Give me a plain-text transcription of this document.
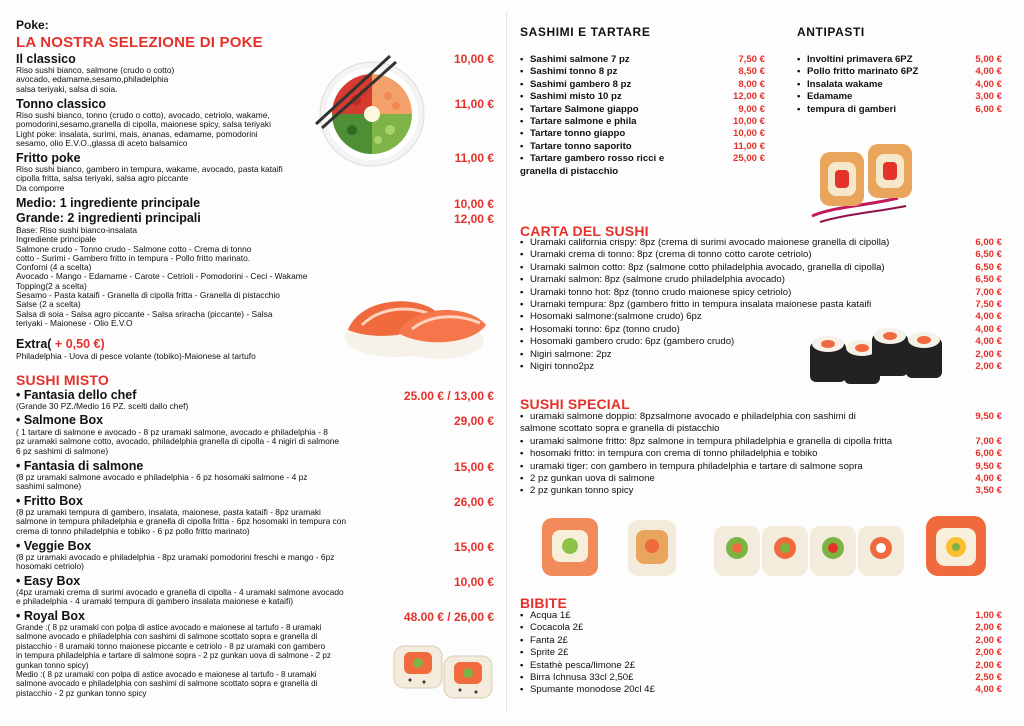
Poke:
LA NOSTRA SELEZIONE DI POKE
Il classico	10,00 €
Riso sushi bianco, salmone (crudo o cotto)
avocado, edamame,sesamo,philadelphia
salsa teriyaki, salsa di soia.
Tonno classico	11,00 €
Riso sushi bianco, tonno (crudo o cotto), avocado, cetriolo, wakame,
pomodorini,sesamo,granella di cipolla, maionese spicy, salsa teriyaki
Light poke: insalata, surimi, mais, ananas, edamame, pomodorini
sesamo, olio E.V.O.,glassa di aceto balsamico
Fritto poke	11,00 €
Riso sushi bianco, gambero in tempura, wakame, avocado, pasta kataifi
cipolla fritta, salsa teriyaki, salsa agro piccante
Da comporre
Medio: 1 ingrediente principale	10,00 €
Grande: 2 ingredienti principali	12,00 €
Base: Riso sushi bianco-insalata
Ingrediente principale
Salmone crudo - Tonno crudo - Salmone cotto - Crema di tonno
cotto - Surimi - Gambero fritto in tempura - Pollo fritto marinato.
Conforni (4 a scelta)
Avocado - Mango - Edamame - Carote - Cetrioli - Pomodorini - Ceci - Wakame
Topping(2 a scelta)
Sesamo - Pasta kataifi - Granella di cipolla fritta - Granella di pistacchio
Salse (2 a scelta)
Salsa di soia - Salsa agro piccante - Salsa sriracha (piccante) - Salsa
teriyaki - Maionese - Olio E.V.O
Extra( + 0,50 €)
Philadelphia - Uova di pesce volante (tobiko)-Maionese al tartufo
SUSHI MISTO
• Fantasia dello chef	25.00 € / 13,00 €
(Grande 30 PZ./Medio 16 PZ. scelti dallo chef)
• Salmone Box	29,00 €
( 1 tartare di salmone e avocado - 8 pz uramaki salmone, avocado e philadelphia - 8
pz uramaki salmone cotto, avocado, philadelphia granella di cipolla - 4 nigiri di salmone
6 pz sashimi di salmone)
• Fantasia di salmone	15,00 €
(8 pz uramaki salmone avocado e philadelphia - 6 pz hosomaki salmone - 4 pz
sashimi salmone)
• Fritto Box	26,00 €
(8 pz uramaki tempura di gambero, insalata, maionese, pasta kataifi - 8pz uramaki
salmone in tempura philadelphia e granella di cipolla fritta - 6pz hosomaki in tempura con
crema di tonno philadelphia e tobiko - 6 pz pollo fritto marinato)
• Veggie Box	15,00 €
(8 pz uramaki avocado e philadelphia - 8pz uramaki pomodorini freschi e mango - 6pz
hosomaki cetriolo)
• Easy Box	10,00 €
(4pz uramaki crema di surimi avocado e granella di cipolla - 4 uramaki salmone avocado
e philadelphia - 4 uramaki tempura di gambero insalata maionese e kataifi)
• Royal Box	48.00 € / 26,00 €
Grande :( 8 pz uramaki con polpa di astice avocado e maionese al tartufo - 8 uramaki
salmone avocado e philadelphia con sashimi di salmone scottato sopra e granella di
pistacchio - 8 uramaki tonno maionese piccante e cetriolo - 8 pz uramaki con gambero
in tempura philadelphia e tartare di salmone sopra - 2 pz gunkan uova di salmone - 2 pz
gunkan tonno spicy)
Medio :( 8 pz uramaki con polpa di astice avocado e maionese al tartufo - 8 uramaki
salmone avocado e philadelphia con sashimi di salmone scottato sopra e granella di
pistacchio - 2 pz gunkan tonno spicy
SASHIMI E TARTARE
• Sashimi salmone 7 pz	7,50 €
• Sashimi tonno 8 pz	8,50 €
• Sashimi gambero 8 pz	8,00 €
• Sashimi misto 10 pz	12,00 €
• Tartare Salmone giappo	9,00 €
• Tartare salmone e phila	10,00 €
• Tartare tonno giappo	10,00 €
• Tartare tonno saporito	11,00 €
• Tartare gambero rosso ricci e	25,00 €
granella di pistacchio
ANTIPASTI
• Involtini primavera 6PZ	5,00 €
• Pollo fritto marinato 6PZ	4,00 €
• Insalata wakame	4,00 €
• Edamame	3,00 €
• tempura di gamberi	6,00 €
CARTA DEL SUSHI
• Uramaki california crispy: 8pz (crema di surimi avocado maionese granella di cipolla)	6,00 €
• Uramaki crema di tonno: 8pz (crema di tonno cotto carote cetriolo)	6,50 €
• Uramaki salmon cotto: 8pz (salmone cotto philadelphia avocado, granella di cipolla)	6,50 €
• Uramaki salmon: 8pz (salmone crudo philadelphia avocado)	6,50 €
• Uramaki tonno hot: 8pz (tonno crudo maionese spicy cetriolo)	7,00 €
• Uramaki tempura: 8pz (gambero fritto in tempura insalata maionese pasta kataifi	7,50 €
• Hosomaki salmone:(salmone crudo) 6pz	4,00 €
• Hosomaki tonno: 6pz (tonno crudo)	4,00 €
• Hosomaki gambero crudo: 6pz (gambero crudo)	4,00 €
• Nigiri salmone: 2pz	2,00 €
• Nigiri tonno2pz	2,00 €
SUSHI SPECIAL
• uramaki salmone doppio: 8pzsalmone avocado e philadelphia con sashimi di	9,50 €
salmone scottato sopra e granella di pistacchio
• uramaki salmone fritto: 8pz salmone in tempura philadelphia e granella di cipolla fritta	7,00 €
• hosomaki fritto: in tempura con crema di tonno philadelphia e tobiko	6,00 €
• uramaki tiger: con gambero in tempura philadelphia e tartare di salmone sopra	9,50 €
• 2 pz gunkan uova di salmone	4,00 €
• 2 pz gunkan tonno spicy	3,50 €
BIBITE
• Acqua 1£	1,00 €
• Cocacola 2£	2,00 €
• Fanta 2£	2,00 €
• Sprite 2£	2,00 €
• Estathè pesca/limone 2£	2,00 €
• Birra Ichnusa 33cl 2,50£	2,50 €
• Spumante monodose 20cl 4£	4,00 €
